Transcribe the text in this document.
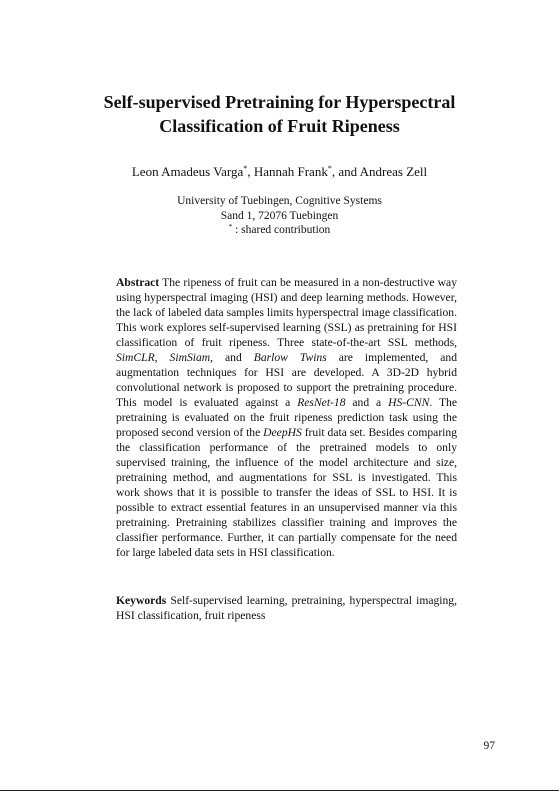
Self-supervised Pretraining for Hyperspectral
Classification of Fruit Ripeness
Leon Amadeus Varga*, Hannah Frank*, and Andreas Zell
University of Tuebingen, Cognitive Systems
Sand 1, 72076 Tuebingen
* : shared contribution

Abstract The ripeness of fruit can be measured in a non-destructive way using hyperspectral imaging (HSI) and deep learning methods. However, the lack of labeled data samples limits hyperspectral image classification. This work explores self-supervised learning (SSL) as pretraining for HSI classification of fruit ripeness. Three state-of-the-art SSL methods, SimCLR, SimSiam, and Barlow Twins are implemented, and augmentation techniques for HSI are developed. A 3D-2D hybrid convolutional network is proposed to support the pretraining procedure. This model is evaluated against a ResNet-18 and a HS-CNN. The pretraining is evaluated on the fruit ripeness prediction task using the proposed second version of the DeepHS fruit data set. Besides comparing the classification performance of the pretrained models to only supervised training, the influence of the model architecture and size, pretraining method, and augmentations for SSL is investigated. This work shows that it is possible to transfer the ideas of SSL to HSI. It is possible to extract essential features in an unsupervised manner via this pretraining. Pretraining stabilizes classifier training and improves the classifier performance. Further, it can partially compensate for the need for large labeled data sets in HSI classification.

Keywords Self-supervised learning, pretraining, hyperspectral imaging, HSI classification, fruit ripeness

97
